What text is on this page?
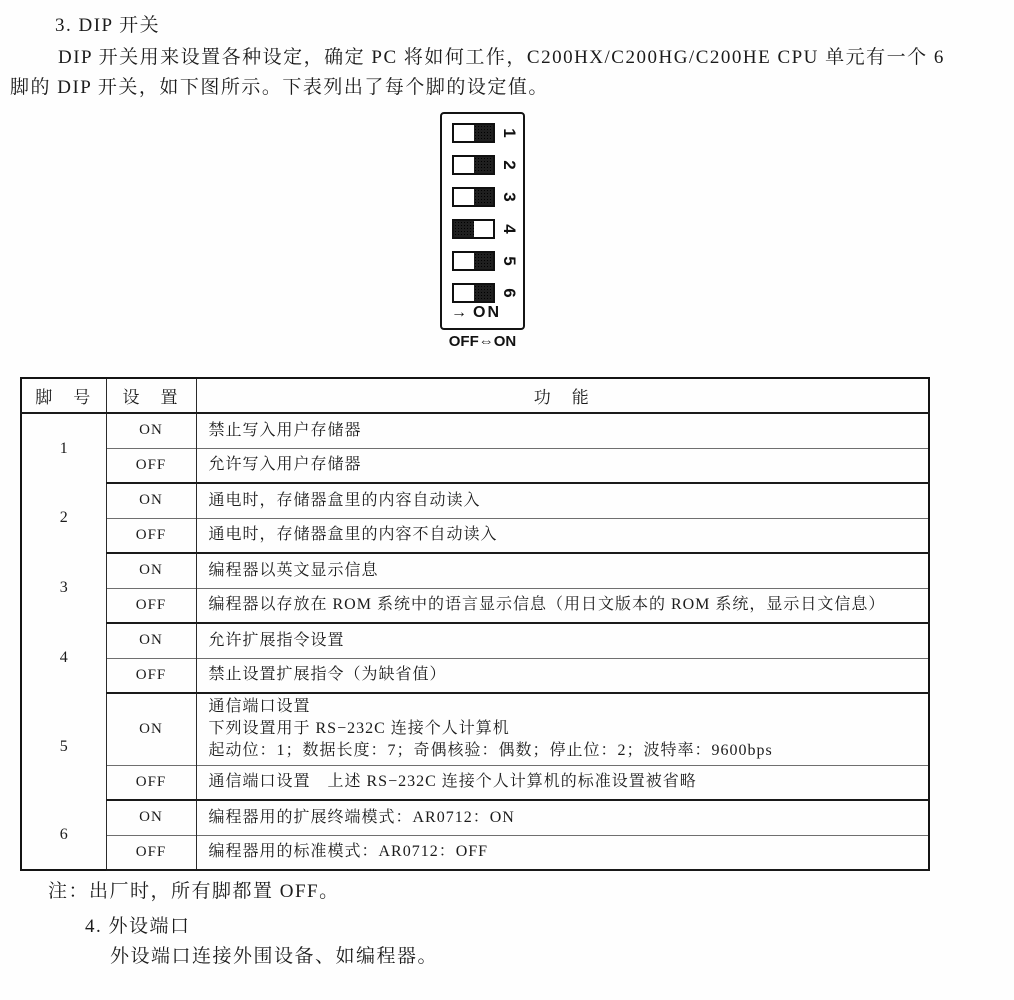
3. DIP 开关
DIP 开关用来设置各种设定，确定 PC 将如何工作，C200HX/C200HG/C200HE CPU 单元有一个 6
脚的 DIP 开关，如下图所示。下表列出了每个脚的设定值。
1
2
3
4
5
6
→ ON
OFF⇔ON
脚　号	设　置	功　能
1	ON	禁止写入用户存储器

	OFF	允许写入用户存储器

2	ON	通电时，存储器盒里的内容自动读入

	OFF	通电时，存储器盒里的内容不自动读入

3	ON	编程器以英文显示信息

	OFF	编程器以存放在 ROM 系统中的语言显示信息（用日文版本的 ROM 系统，显示日文信息）

4	ON	允许扩展指令设置

	OFF	禁止设置扩展指令（为缺省值）

5	ON	通信端口设置
下列设置用于 RS−232C 连接个人计算机
起动位：1；数据长度：7；奇偶核验：偶数；停止位：2；波特率：9600bps

	OFF	通信端口设置　上述 RS−232C 连接个人计算机的标准设置被省略

6	ON	编程器用的扩展终端模式：AR0712：ON

	OFF	编程器用的标准模式：AR0712：OFF
注：出厂时，所有脚都置 OFF。
4. 外设端口
外设端口连接外围设备、如编程器。
